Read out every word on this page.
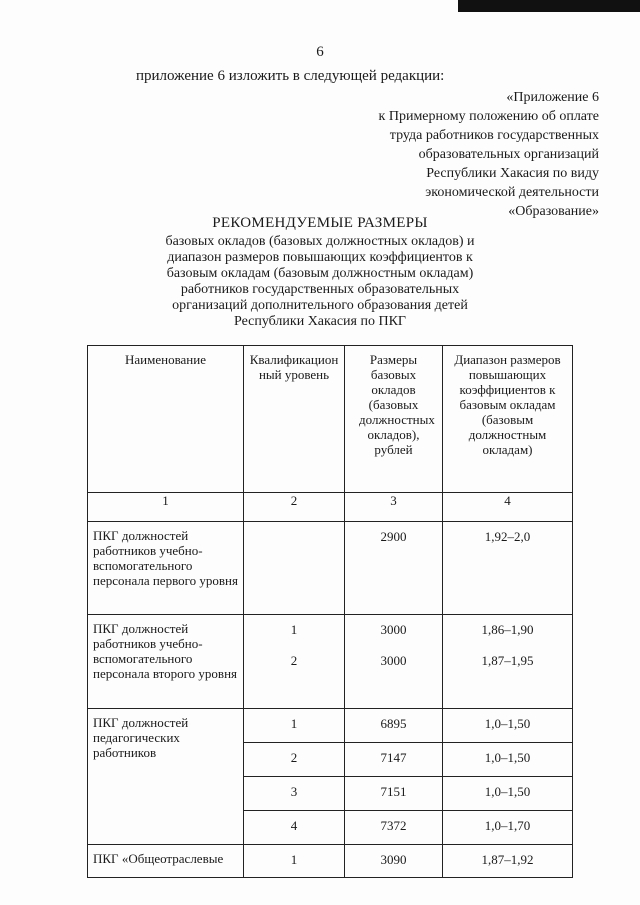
6
приложение 6 изложить в следующей редакции:
«Приложение 6
к Примерному положению об оплате
труда работников государственных
образовательных организаций
Республики Хакасия по виду
экономической деятельности
«Образование»
РЕКОМЕНДУЕМЫЕ РАЗМЕРЫ
базовых окладов (базовых должностных окладов) и
диапазон размеров повышающих коэффициентов к
базовым окладам (базовым должностным окладам)
работников государственных образовательных
организаций дополнительного образования детей
Республики Хакасия по ПКГ
Наименование	Квалификацион ный уровень	Размеры базовых окладов (базовых должностных окладов), рублей	Диапазон размеров повышающих коэффициентов к базовым окладам (базовым должностным окладам)
1	2	3	4
ПКГ должностей работников учебно-вспомогательного персонала первого уровня		2900	1,92–2,0
ПКГ должностей работников учебно-вспомогательного персонала второго уровня	1	3000	1,86–1,90
	2	3000	1,87–1,95
ПКГ должностей педагогических работников	1	6895	1,0–1,50
	2	7147	1,0–1,50
	3	7151	1,0–1,50
	4	7372	1,0–1,70
ПКГ «Общеотраслевые	1	3090	1,87–1,92
